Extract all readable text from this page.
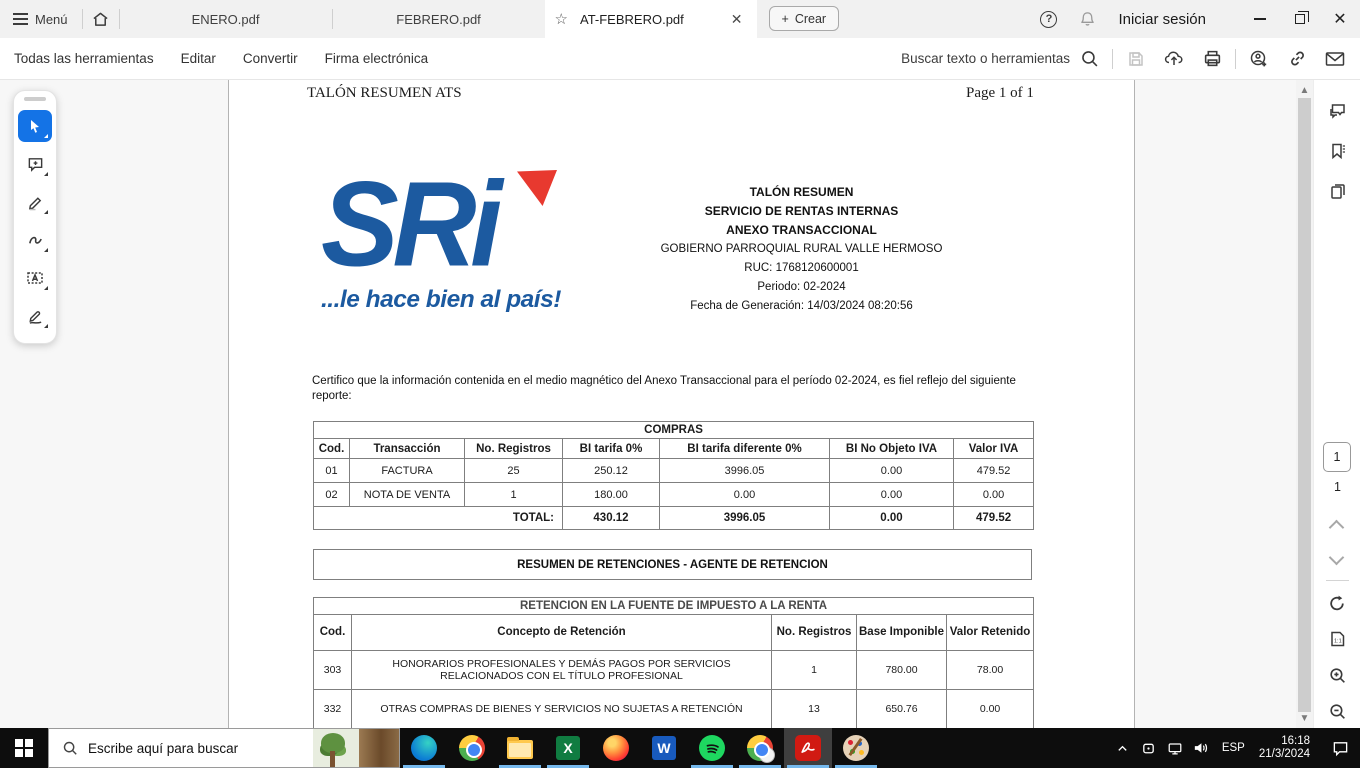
Menú	ENERO.pdf	FEBRERO.pdf	☆ AT-FEBRERO.pdf	✕	+ Crear	?	Iniciar sesión	✕
Todas las herramientas Editar Convertir Firma electrónica	Buscar texto o herramientas
TALÓN RESUMEN ATS	Page 1 of 1
SRi
...le hace bien al país!
TALÓN RESUMEN
SERVICIO DE RENTAS INTERNAS
ANEXO TRANSACCIONAL
GOBIERNO PARROQUIAL RURAL VALLE HERMOSO
RUC: 1768120600001
Periodo: 02-2024
Fecha de Generación: 14/03/2024 08:20:56
Certifico que la información contenida en el medio magnético del Anexo Transaccional para el período 02-2024, es fiel reflejo del siguiente reporte:
COMPRAS						
Cod.	Transacción	No. Registros	BI tarifa 0%	BI tarifa diferente 0%	BI No Objeto IVA	Valor IVA
01	FACTURA	25	250.12	3996.05	0.00	479.52
02	NOTA DE VENTA	1	180.00	0.00	0.00	0.00
TOTAL:			430.12	3996.05	0.00	479.52
RESUMEN DE RETENCIONES - AGENTE DE RETENCION
RETENCION EN LA FUENTE DE IMPUESTO A LA RENTA				
Cod.	Concepto de Retención	No. Registros	Base Imponible	Valor Retenido
303	HONORARIOS PROFESIONALES Y DEMÁS PAGOS POR SERVICIOS RELACIONADOS CON EL TÍTULO PROFESIONAL	1	780.00	78.00
332	OTRAS COMPRAS DE BIENES Y SERVICIOS NO SUJETAS A RETENCIÓN	13	650.76	0.00
▲
▼
1
1
1:1
Escribe aquí para buscar	X	W	ESP
16:18
21/3/2024
